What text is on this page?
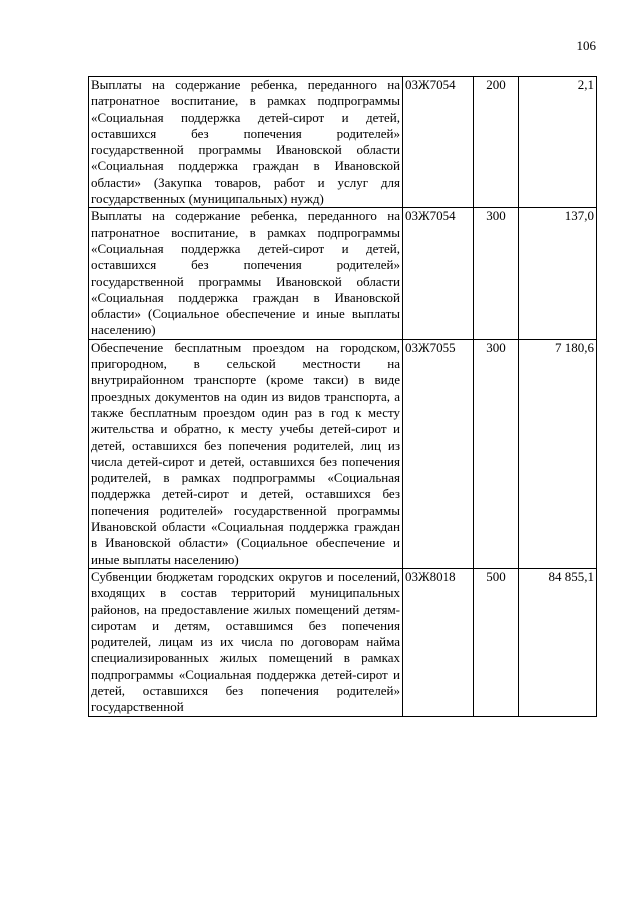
106
Выплаты на содержание ребенка, переданного на патронатное воспитание, в рамках подпрограммы «Социальная поддержка детей-сирот и детей, оставшихся без попечения родителей» государственной программы Ивановской области «Социальная поддержка граждан в Ивановской области» (Закупка товаров, работ и услуг для государственных (муниципальных) нужд)	03Ж7054	200	2,1
Выплаты на содержание ребенка, переданного на патронатное воспитание, в рамках подпрограммы «Социальная поддержка детей-сирот и детей, оставшихся без попечения родителей» государственной программы Ивановской области «Социальная поддержка граждан в Ивановской области» (Социальное обеспечение и иные выплаты населению)	03Ж7054	300	137,0
Обеспечение бесплатным проездом на городском, пригородном, в сельской местности на внутрирайонном транспорте (кроме такси) в виде проездных документов на один из видов транспорта, а также бесплатным проездом один раз в год к месту жительства и обратно, к месту учебы детей-сирот и детей, оставшихся без попечения родителей, лиц из числа детей-сирот и детей, оставшихся без попечения родителей, в рамках подпрограммы «Социальная поддержка детей-сирот и детей, оставшихся без попечения родителей» государственной программы Ивановской области «Социальная поддержка граждан в Ивановской области» (Социальное обеспечение и иные выплаты населению)	03Ж7055	300	7 180,6
Субвенции бюджетам городских округов и поселений, входящих в состав территорий муниципальных районов, на предоставление жилых помещений детям-сиротам и детям, оставшимся без попечения родителей, лицам из их числа по договорам найма специализированных жилых помещений в рамках подпрограммы «Социальная поддержка детей-сирот и детей, оставшихся без попечения родителей» государственной	03Ж8018	500	84 855,1
